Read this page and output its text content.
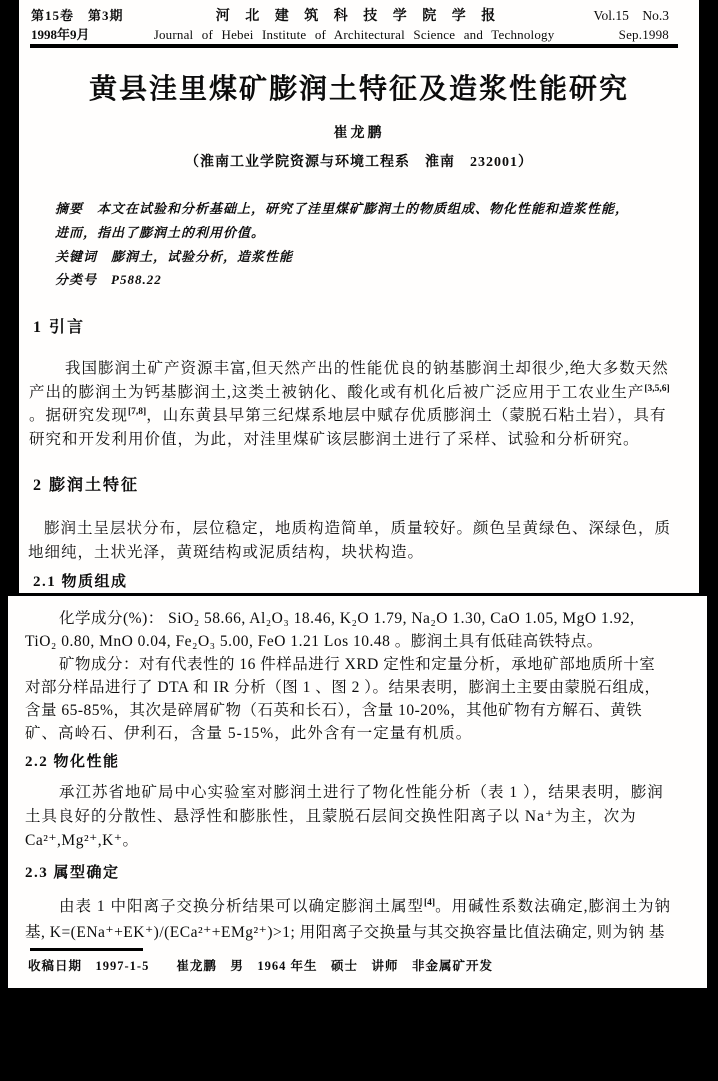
第15卷　第3期	河 北 建 筑 科 技 学 院 学 报	Vol.15　No.3
1998年9月	Journal of Hebei Institute of Architectural Science and Technology	Sep.1998
黄县洼里煤矿膨润土特征及造浆性能研究
崔龙鹏
（淮南工业学院资源与环境工程系　淮南　232001）
摘要　本文在试验和分析基础上，研究了洼里煤矿膨润土的物质组成、物化性能和造浆性能，
进而，指出了膨润土的利用价值。
关键词　膨润土，试验分析，造浆性能
分类号　P588.22
1 引言
我国膨润土矿产资源丰富,但天然产出的性能优良的钠基膨润土却很少,绝大多数天然
产出的膨润土为钙基膨润土,这类土被钠化、酸化或有机化后被广泛应用于工农业生产[3,5,6]
。据研究发现[7,8]，山东黄县早第三纪煤系地层中赋存优质膨润土（蒙脱石粘土岩），具有
研究和开发利用价值，为此，对洼里煤矿该层膨润土进行了采样、试验和分析研究。
2 膨润土特征
膨润土呈层状分布，层位稳定，地质构造简单，质量较好。颜色呈黄绿色、深绿色，质
地细纯，土状光泽，黄斑结构或泥质结构，块状构造。
2.1 物质组成
化学成分(%)： SiO₂ 58.66, Al₂O₃ 18.46, K₂O 1.79, Na₂O 1.30, CaO 1.05, MgO 1.92,
TiO₂ 0.80, MnO 0.04, Fe₂O₃ 5.00, FeO 1.21 Los 10.48 。膨润土具有低硅高铁特点。
矿物成分：对有代表性的 16 件样品进行 XRD 定性和定量分析，承地矿部地质所十室
对部分样品进行了 DTA 和 IR 分析（图 1 、图 2 ）。结果表明，膨润土主要由蒙脱石组成，
含量 65-85%，其次是碎屑矿物（石英和长石），含量 10-20%，其他矿物有方解石、黄铁
矿、高岭石、伊利石，含量 5-15%，此外含有一定量有机质。
2.2 物化性能
承江苏省地矿局中心实验室对膨润土进行了物化性能分析（表 1 ），结果表明，膨润
土具良好的分散性、悬浮性和膨胀性，且蒙脱石层间交换性阳离子以 Na⁺为主，次为
Ca²⁺,Mg²⁺,K⁺。
2.3 属型确定
由表 1 中阳离子交换分析结果可以确定膨润土属型[4]。用碱性系数法确定,膨润土为钠
基, K=(ENa⁺+EK⁺)/(ECa²⁺+EMg²⁺)>1; 用阳离子交换量与其交换容量比值法确定, 则为钠 基
收稿日期　1997-1-5　　崔龙鹏　男　1964 年生　硕士　讲师　非金属矿开发
